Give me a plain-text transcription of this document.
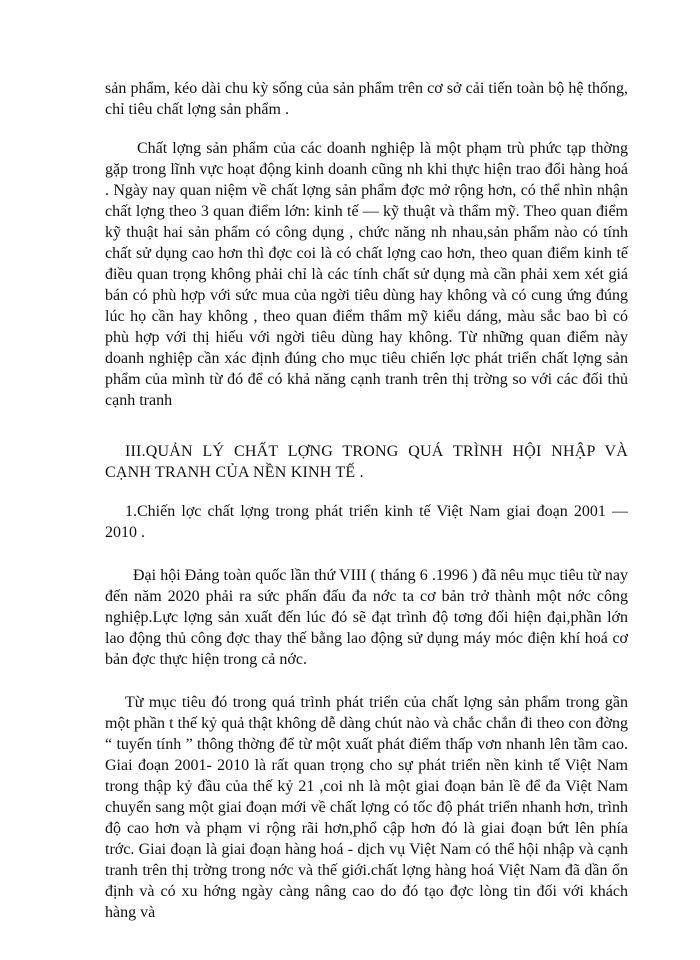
sản phẩm, kéo dài chu kỳ sống của sản phẩm trên cơ sở cải tiến toàn bộ hệ thống, chỉ tiêu chất lợng sản phẩm .

Chất lợng sản phẩm của các doanh nghiệp là một phạm trù phức tạp thờng gặp trong lĩnh vực hoạt động kinh doanh cũng nh khi thực hiện trao đổi hàng hoá . Ngày nay quan niệm về chất lợng sản phẩm đợc mở rộng hơn, có thể nhìn nhận chất lợng theo 3 quan điểm lớn: kinh tế — kỹ thuật và thẩm mỹ. Theo quan điểm kỹ thuật hai sản phẩm có công dụng , chức năng nh nhau,sản phẩm nào có tính chất sử dụng cao hơn thì đợc coi là có chất lợng cao hơn, theo quan điểm kinh tế điều quan trọng không phải chỉ là các tính chất sử dụng mà cần phải xem xét giá bán có phù hợp với sức mua của ngời tiêu dùng hay không và có cung ứng đúng lúc họ cần hay không , theo quan điểm thẩm mỹ kiểu dáng, màu sắc bao bì có phù hợp với thị hiếu với ngời tiêu dùng hay không. Từ những quan điểm này doanh nghiệp cần xác định đúng cho mục tiêu chiến lợc phát triển chất lợng sản phẩm của mình từ đó để có khả năng cạnh tranh trên thị trờng so với các đối thủ cạnh tranh

III.QUẢN LÝ CHẤT LỢNG TRONG QUÁ TRÌNH HỘI NHẬP VÀ CẠNH TRANH CỦA NỀN KINH TẾ .

1.Chiến lợc chất lợng trong phát triển kinh tế Việt Nam giai đoạn 2001 — 2010 .

Đại hội Đảng toàn quốc lần thứ VIII ( tháng 6 .1996 ) đã nêu mục tiêu từ nay đến năm 2020 phải ra sức phấn đấu đa nớc ta cơ bản trở thành một nớc công nghiệp.Lực lợng sản xuất đến lúc đó sẽ đạt trình độ tơng đối hiện đại,phần lớn lao động thủ công đợc thay thế bằng lao động sử dụng máy móc điện khí hoá cơ bản đợc thực hiện trong cả nớc.

Từ mục tiêu đó trong quá trình phát triển của chất lợng sản phẩm trong gần một phần t thế kỷ quả thật không dễ dàng chút nào và chắc chắn đi theo con đờng “ tuyến tính ” thông thờng để từ một xuất phát điểm thấp vơn nhanh lên tầm cao. Giai đoạn 2001- 2010 là rất quan trọng cho sự phát triển nền kinh tế Việt Nam trong thập kỷ đầu của thế kỷ 21 ,coi nh là một giai đoạn bản lề để đa Việt Nam chuyển sang một giai đoạn mới về chất lợng có tốc độ phát triển nhanh hơn, trình độ cao hơn và phạm vi rộng rãi hơn,phổ cập hơn đó là giai đoạn bứt lên phía trớc. Giai đoạn là giai đoạn hàng hoá - dịch vụ Việt Nam có thể hội nhập và cạnh tranh trên thị trờng trong nớc và thế giới.chất lợng hàng hoá Việt Nam đã dần ổn định và có xu hớng ngày càng nâng cao do đó tạo đợc lòng tin đối với khách hàng và
